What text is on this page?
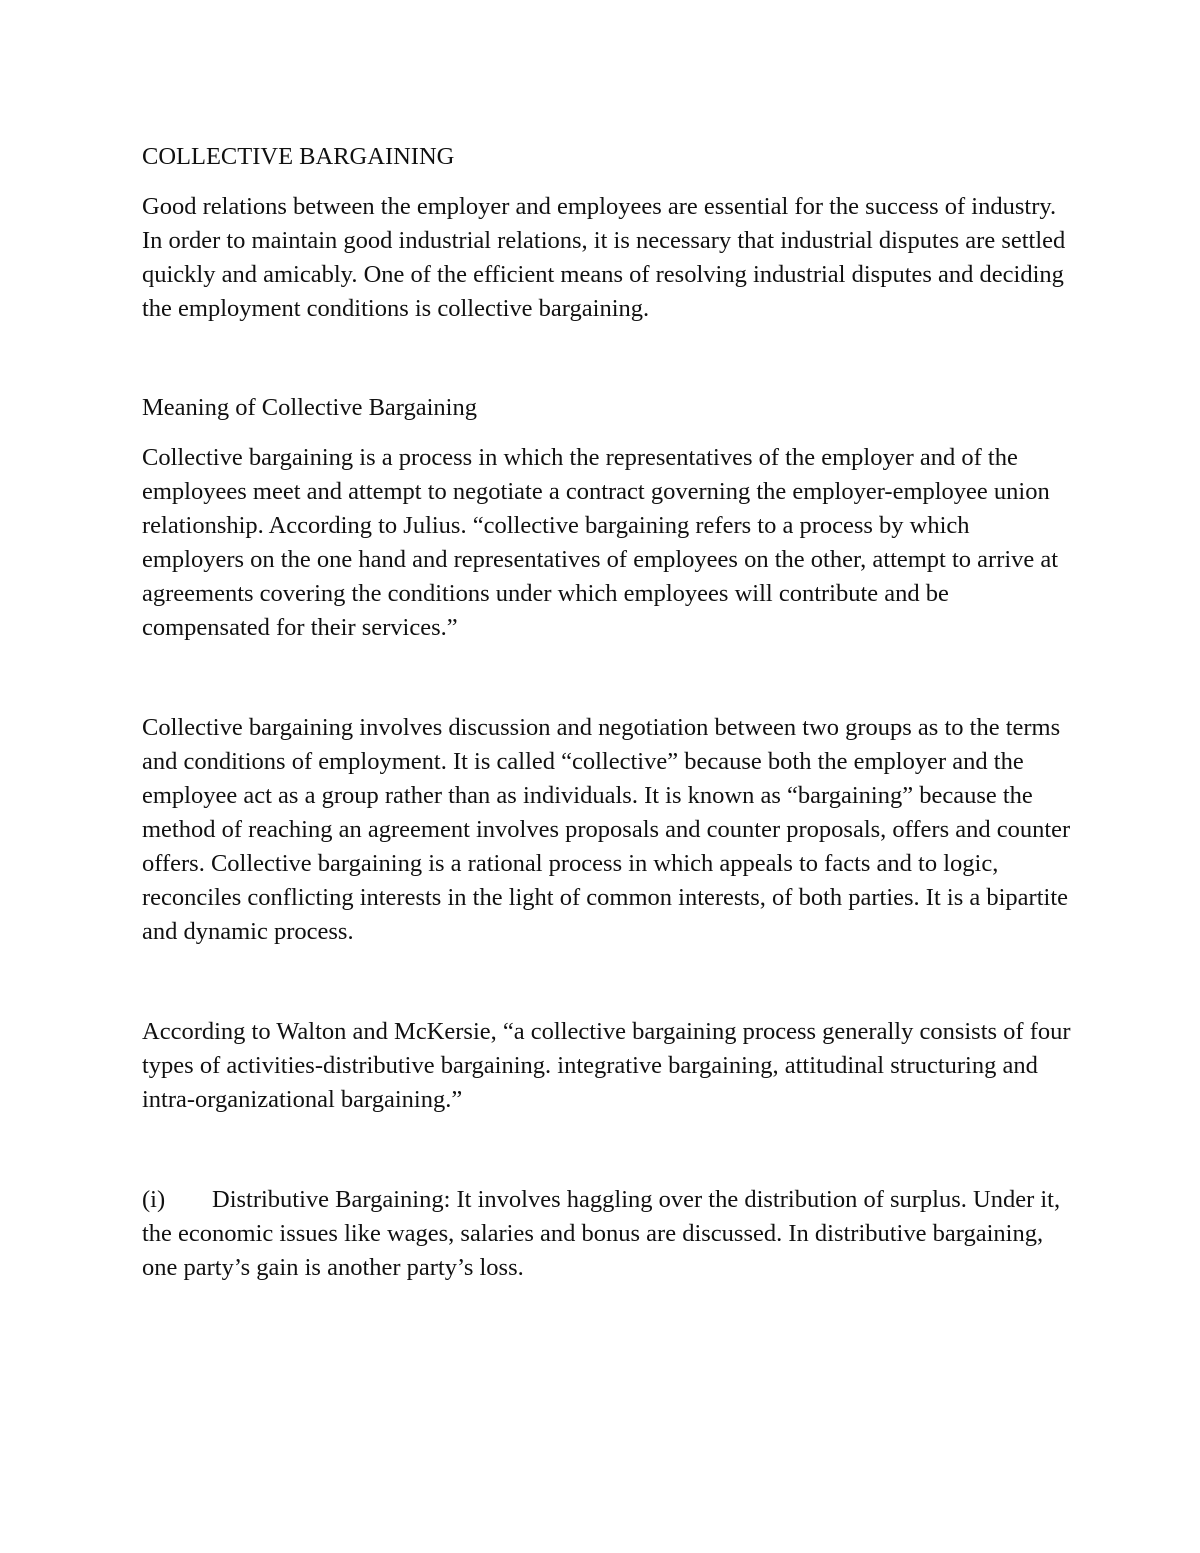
COLLECTIVE BARGAINING

Good relations between the employer and employees are essential for the success of industry. In order to maintain good industrial relations, it is necessary that industrial disputes are settled quickly and amicably. One of the efficient means of resolving industrial disputes and deciding the employment conditions is collective bargaining.

Meaning of Collective Bargaining

Collective bargaining is a process in which the representatives of the employer and of the employees meet and attempt to negotiate a contract governing the employer-employee union relationship. According to Julius. “collective bargaining refers to a process by which employers on the one hand and representatives of employees on the other, attempt to arrive at agreements covering the conditions under which employees will contribute and be compensated for their services.”

Collective bargaining involves discussion and negotiation between two groups as to the terms and conditions of employment. It is called “collective” because both the employer and the employee act as a group rather than as individuals. It is known as “bargaining” because the method of reaching an agreement involves proposals and counter proposals, offers and counter offers. Collective bargaining is a rational process in which appeals to facts and to logic, reconciles conflicting interests in the light of common interests, of both parties. It is a bipartite and dynamic process.

According to Walton and McKersie, “a collective bargaining process generally consists of four types of activities-distributive bargaining. integrative bargaining, attitudinal structuring and intra-organizational bargaining.”

(i) Distributive Bargaining: It involves haggling over the distribution of surplus. Under it, the economic issues like wages, salaries and bonus are discussed. In distributive bargaining, one party’s gain is another party’s loss.
